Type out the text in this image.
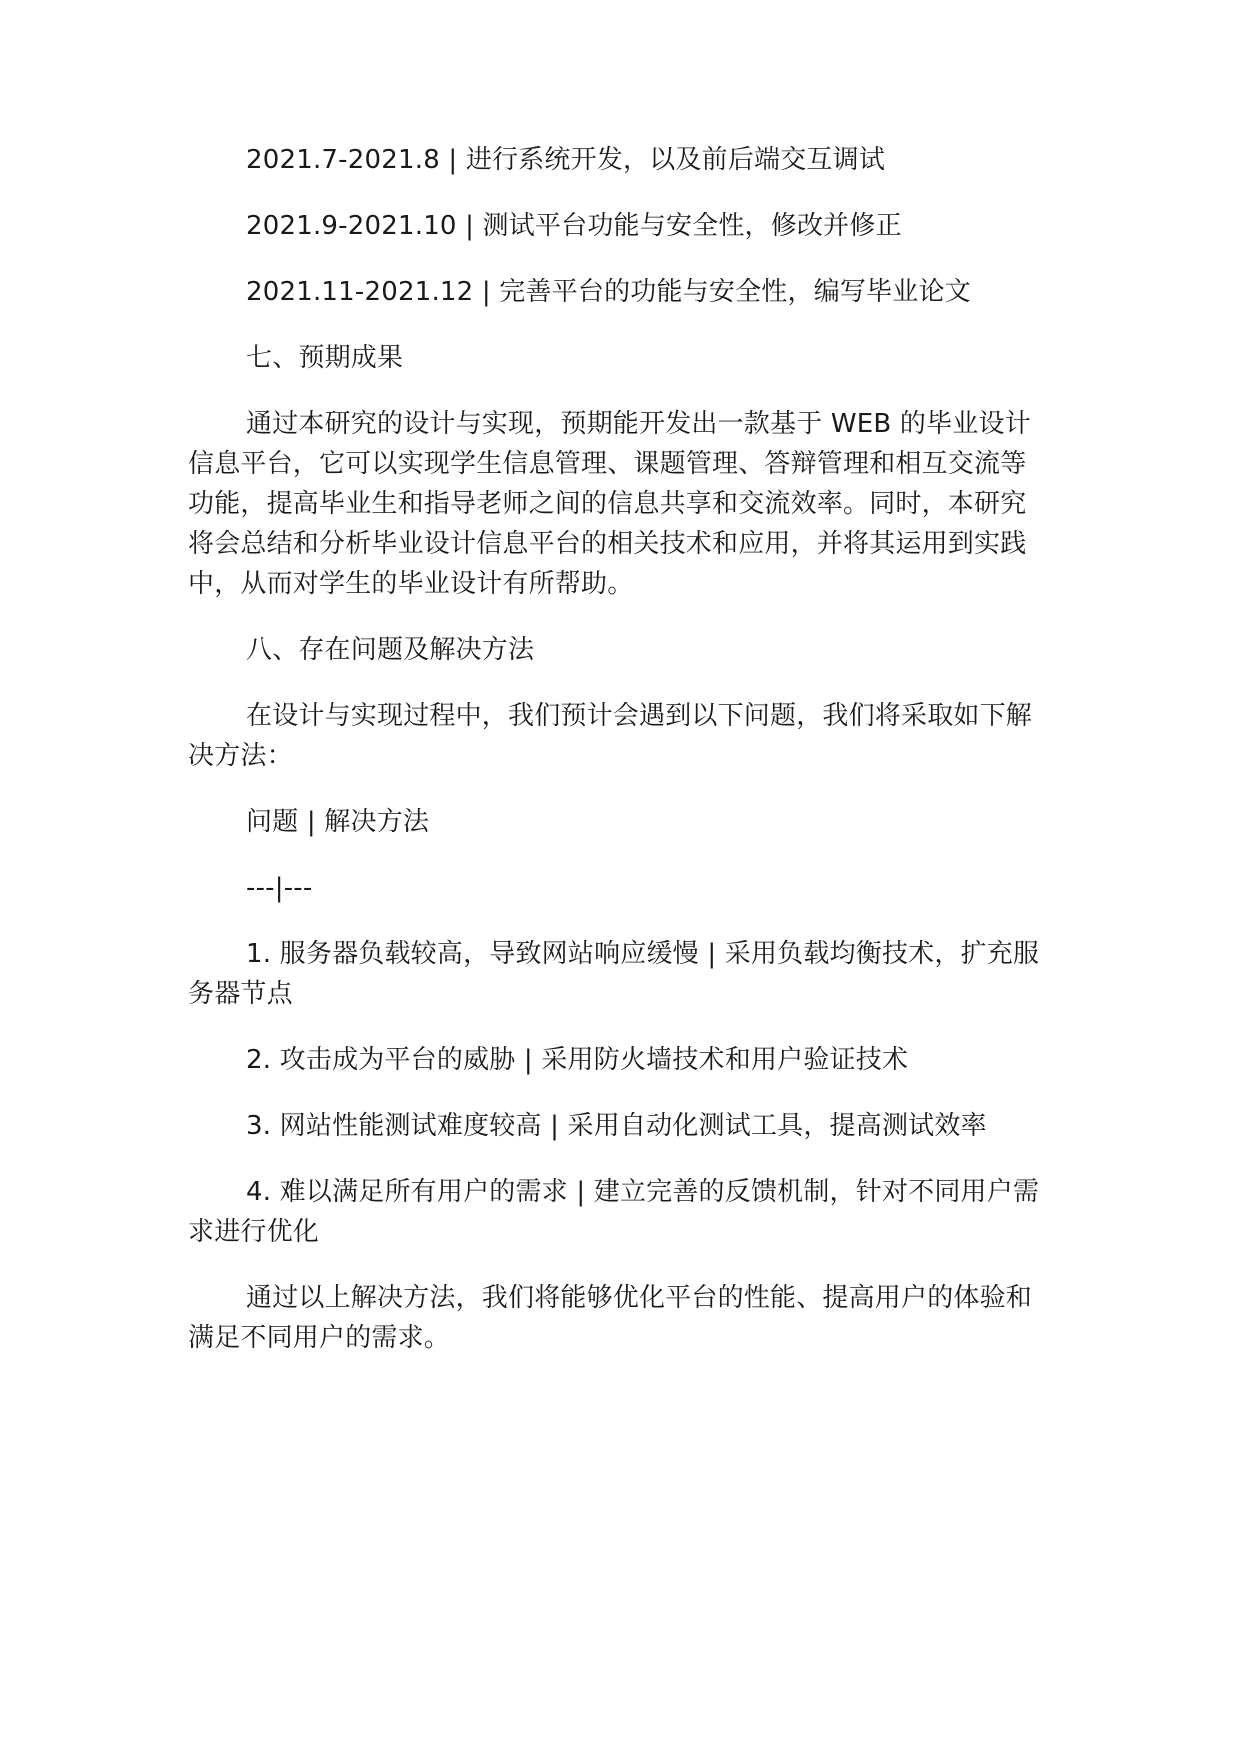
2021.7-2021.8 | 进行系统开发，以及前后端交互调试

2021.9-2021.10 | 测试平台功能与安全性，修改并修正

2021.11-2021.12 | 完善平台的功能与安全性，编写毕业论文

七、预期成果

通过本研究的设计与实现，预期能开发出一款基于 WEB 的毕业设计信息平台，它可以实现学生信息管理、课题管理、答辩管理和相互交流等功能，提高毕业生和指导老师之间的信息共享和交流效率。同时，本研究将会总结和分析毕业设计信息平台的相关技术和应用，并将其运用到实践中，从而对学生的毕业设计有所帮助。

八、存在问题及解决方法

在设计与实现过程中，我们预计会遇到以下问题，我们将采取如下解决方法：

问题 | 解决方法

---|---

1. 服务器负载较高，导致网站响应缓慢 | 采用负载均衡技术，扩充服务器节点

2. 攻击成为平台的威胁 | 采用防火墙技术和用户验证技术

3. 网站性能测试难度较高 | 采用自动化测试工具，提高测试效率

4. 难以满足所有用户的需求 | 建立完善的反馈机制，针对不同用户需求进行优化

通过以上解决方法，我们将能够优化平台的性能、提高用户的体验和满足不同用户的需求。
